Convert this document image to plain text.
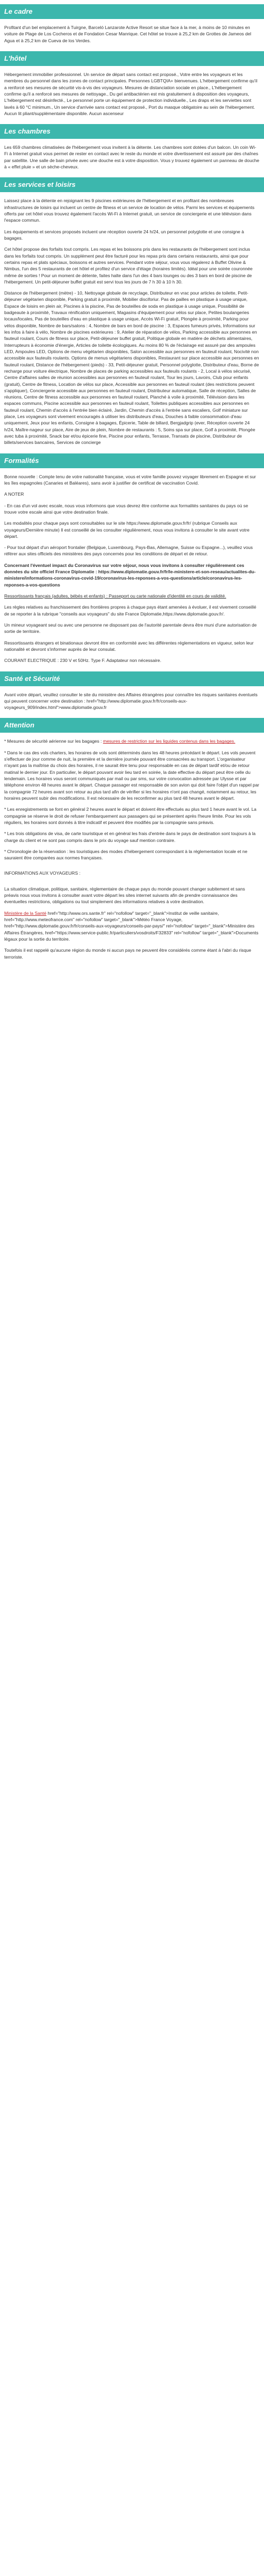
Le cadre
Profitant d'un bel emplacement à Tuirgne, Barceló Lanzarote Active Resort se situe face à la mer, à moins de 10 minutes en voiture de Plage de Los Cocheros et de Fondation Cesar Manrique. Cet hôtel se trouve à 25,2 km de Grottes de Jameos del Agua et à 25,2 km de Cueva de los Verdes.
L'hôtel
Hébergement immobilier professionnel. Un service de départ sans contact est proposé., Votre entre les voyageurs et les membres du personnel dans les zones de contact principales. Personnes LGBTQIA+ bienvenues. L'hébergement confirme qu'il a renforcé ses mesures de sécurité vis-à-vis des voyageurs. Mesures de distanciation sociale en place., L'hébergement confirme qu'il a renforcé ses mesures de nettoyage., Du gel antibactérien est mis gratuitement à disposition des voyageurs, L'hébergement est désinfecté., Le personnel porte un équipement de protection individuelle., Les draps et les serviettes sont lavés à 60 °C minimum., Un service d'arrivée sans contact est proposé., Port du masque obligatoire au sein de l'hébergement. Aucun lit pliant/supplémentaire disponible. Aucun ascenseur
Les chambres
Les 659 chambres climatisées de l'hébergement vous invitent à la détente. Les chambres sont dotées d'un balcon. Un coin Wi-Fi à Internet gratuit vous permet de rester en contact avec le reste du monde et votre divertissement est assuré par des chaînes par satellite. Une salle de bain privée avec une douche est à votre disposition. Vous y trouvez également un panneau de douche à « effet pluie » et un sèche-cheveux.
Les services et loisirs
Laissez place à la détente en rejoignant les 9 piscines extérieures de l'hébergement et en profitant des nombreuses infrastructures de loisirs qui incluent un centre de fitness et un service de location de vélos. Parmi les services et équipements offerts par cet hôtel vous trouvez également l'accès Wi-Fi à Internet gratuit, un service de conciergerie et une télévision dans l'espace commun.
Les équipements et services proposés incluent une réception ouverte 24 h/24, un personnel polyglotte et une consigne à bagages.
Cet hôtel propose des forfaits tout compris. Les repas et les boissons pris dans les restaurants de l'hébergement sont inclus dans les forfaits tout compris. Un supplément peut être facturé pour les repas pris dans certains restaurants, ainsi que pour certains repas et plats spéciaux, boissons et autres services. Pendant votre séjour, vous vous régalerez à Buffet Olivine & Nimbus, l'un des 5 restaurants de cet hôtel et profitez d'un service d'étage (horaires limités). Idéal pour une soirée couronnée même de sorties ! Pour un moment de détente, faites halte dans l'un des 4 bars lounges ou des 3 bars en bord de piscine de l'hébergement. Un petit-déjeuner buffet gratuit est servi tous les jours de 7 h 30 à 10 h 30.
Distance de l'hébergement (mètre) - 10, Nettoyage globale de recyclage, Distributeur en vrac pour articles de toilette, Petit-déjeuner végétarien disponible, Parking gratuit à proximité, Mobilier disciforiur. Pas de pailles en plastique à usage unique, Espace de loisirs en plein air, Piscines à la piscine, Pas de bouteilles de soda en plastique à usage unique, Possibilité de badgeaute à proximité, Travaux rénification uniquement, Magasins d'équipement pour vélos sur place, Petites boulangeries locaux/locales, Pas de bouteilles d'eau en plastique à usage unique, Accès Wi-Fi gratuit, Plongée à proximité, Parking pour vélos disponible, Nombre de bars/salons : 4, Nombre de bars en bord de piscine : 3, Espaces fumeurs privés, Informations sur les infos à faire à vélo, Nombre de piscines extérieures : 9, Atelier de réparation de vélos, Parking accessible aux personnes en fauteuil roulant, Cours de fitness sur place, Petit-déjeuner buffet gratuit, Politique globale en matière de déchets alimentaires, Interrupteurs à économie d'énergie, Articles de toilette écologiques. Au moins 80 % de l'éclairage est assuré par des ampoules LED, Ampoules LED, Options de menu végétarien disponibles, Salon accessible aux personnes en fauteuil roulant, Nocivité non accessible aux fauteuils roulants. Options de menus végétariens disponibles, Restaurant sur place accessible aux personnes en fauteuil roulant, Distance de l'hébergement (pieds) - 33, Petit-déjeuner gratuit, Personnel polyglotte, Distributeur d'eau, Borne de recharge pour voiture électrique, Nombre de places de parking accessibles aux fauteuils roulants - 2, Local à vélos sécurisé, Centre d'affaires salles de réunion accessibles aux personnes en fauteuil roulant, Tour les jours, Lavoirs, Club pour enfants (gratuit), Centre de fitness, Location de vélos sur place, Accessible aux personnes en fauteuil roulant (des restrictions peuvent s'appliquer), Conciergerie accessible aux personnes en fauteuil roulant, Distributeur automatique, Salle de réception, Salles de réunions, Centre de fitness accessible aux personnes en fauteuil roulant, Planché à voile à proximité, Télévision dans les espaces communs, Piscine accessible aux personnes en fauteuil roulant, Toilettes publiques accessibles aux personnes en fauteuil roulant, Chemin d'accès à l'entrée bien éclairé, Jardin, Chemin d'accès à l'entrée sans escaliers, Golf miniature sur place, Les voyageurs sont vivement encouragés à utiliser les distributeurs d'eau, Douches à faible consommation d'eau uniquement, Jeux pour les enfants, Consigne à bagages, Épicerie, Table de billard, Bergjadgrip (ever, Réception ouverte 24 h/24, Maître-nageur sur place, Aire de jeux de plein, Nombre de restaurants : 5, Soins spa sur place, Golf à proximité, Plongée avec tuba à proximité, Snack bar et/ou épicerie fine, Piscine pour enfants, Terrasse, Transats de piscine, Distributeur de billets/services bancaires, Services de concierge
Formalités
Bonne nouvelle : Compte tenu de votre nationalité française, vous et votre famille pouvez voyager librement en Espagne et sur les îles espagnoles (Canaries et Baléares), sans avoir à justifier de certificat de vaccination Covid.
A NOTER
- En cas d'un vol avec escale, nous vous informons que vous devrez être conforme aux formalités sanitaires du pays où se trouve votre escale ainsi que votre destination finale.
Les modalités pour chaque pays sont consultables sur le site https://www.diplomatie.gouv.fr/fr/ (rubrique Conseils aux voyageurs/Dernière minute) Il est conseillé de les consulter régulièrement, nous vous invitons à consulter le site avant votre départ.
- Pour tout départ d'un aéroport frontalier (Belgique, Luxembourg, Pays-Bas, Allemagne, Suisse ou Espagne...), veuillez vous référer aux sites officiels des ministères des pays concernés pour les conditions de départ et de retour.
Concernant l'éventuel impact du Coronavirus sur votre séjour, nous vous invitons à consulter régulièrement ces données du site officiel France Diplomatie : https://www.diplomatie.gouv.fr/fr/le-ministere-et-son-reseau/actualites-du-ministere/informations-coronavirus-covid-19/coronavirus-les-reponses-a-vos-questions/article/coronavirus-les-reponses-a-vos-questions
Ressortissants français (adultes, bébés et enfants) : Passeport ou carte nationale d'identité en cours de validité.
Les règles relatives au franchissement des frontières propres à chaque pays étant amenées à évoluer, il est vivement conseillé de se reporter à la rubrique "conseils aux voyageurs" du site France Diplomatie,https://www.diplomatie.gouv.fr/.
Un mineur voyageant seul ou avec une personne ne disposant pas de l'autorité parentale devra être muni d'une autorisation de sortie de territoire.
Ressortissants étrangers et binationaux devront être en conformité avec les différentes réglementations en vigueur, selon leur nationalité et devront s'informer auprès de leur consulat.
COURANT ELECTRIQUE : 230 V et 50Hz. Type F. Adaptateur non nécessaire.
Santé et Sécurité
Avant votre départ, veuillez consulter le site du ministère des Affaires étrangères pour connaître les risques sanitaires éventuels qui peuvent concerner votre destination : href="http://www.diplomatie.gouv.fr/fr/conseils-aux-voyageurs_909/index.html">www.diplomatie.gouv.fr
Attention
* Mesures de sécurité aérienne sur les bagages : mesures de restriction sur les liquides contenus dans les bagages.
* Dans le cas des vols charters, les horaires de vols sont déterminés dans les 48 heures précédant le départ. Les vols peuvent s'effectuer de jour comme de nuit, la première et la dernière journée pouvant être consacrées au transport. L'organisateur n'ayant pas la maîtrise du choix des horaires, il ne saurait être tenu pour responsable en cas de départ tardif et/ou de retour matinal le dernier jour. En particulier, le départ pouvant avoir lieu tard en soirée, la date effective du départ peut être celle du lendemain. Les horaires vous seront communiqués par mail ou par sms, sur votre convocation adressée par Ulysse et par téléphone environ 48 heures avant le départ. Chaque passager est responsable de son avion qui doit faire l'objet d'un rappel par la compagnie 72 heures avant son retour au plus tard afin de vérifier si les horaires n'ont pas changé, notamment au retour, les horaires peuvent subir des modifications. Il est nécessaire de les reconfirmer au plus tard 48 heures avant le départ.
* Les enregistrements se font en général 2 heures avant le départ et doivent être effectués au plus tard 1 heure avant le vol. La compagnie se réserve le droit de refuser l'embarquement aux passagers qui se présentent après l'heure limite. Pour les vols réguliers, les horaires sont donnés à titre indicatif et peuvent être modifiés par la compagnie sans préavis.
* Les trois obligations de visa, de carte touristique et en général les frais d'entrée dans le pays de destination sont toujours à la charge du client et ne sont pas compris dans le prix du voyage sauf mention contraire.
* Chronologie de la réservation : les touristiques des modes d'hébergement correspondant à la réglementation locale et ne sauraient être comparées aux normes françaises.
INFORMATIONS AUX VOYAGEURS :
La situation climatique, politique, sanitaire, réglementaire de chaque pays du monde pouvant changer subitement et sans préavis nous vous invitons à consulter avant votre départ les sites internet suivants afin de prendre connaissance des éventuelles restrictions, obligations ou tout simplement des informations relatives à votre destination.
Ministère de la Santé href="http://www.ors.sante.fr" rel="nofollow" target="_blank">Institut de veille sanitaire, href="http://www.meteofrance.com" rel="nofollow" target="_blank">Météo France Voyage, href="http://www.diplomatie.gouv.fr/fr/conseils-aux-voyageurs/conseils-par-pays/" rel="nofollow" target="_blank">Ministère des Affaires Étrangères, href="https://www.service-public.fr/particuliers/vosdroits/F32833" rel="nofollow" target="_blank">Documents légaux pour la sortie du territoire.
Toutefois il est rappelé qu'aucune région du monde ni aucun pays ne peuvent être considérés comme étant à l'abri du risque terroriste.
